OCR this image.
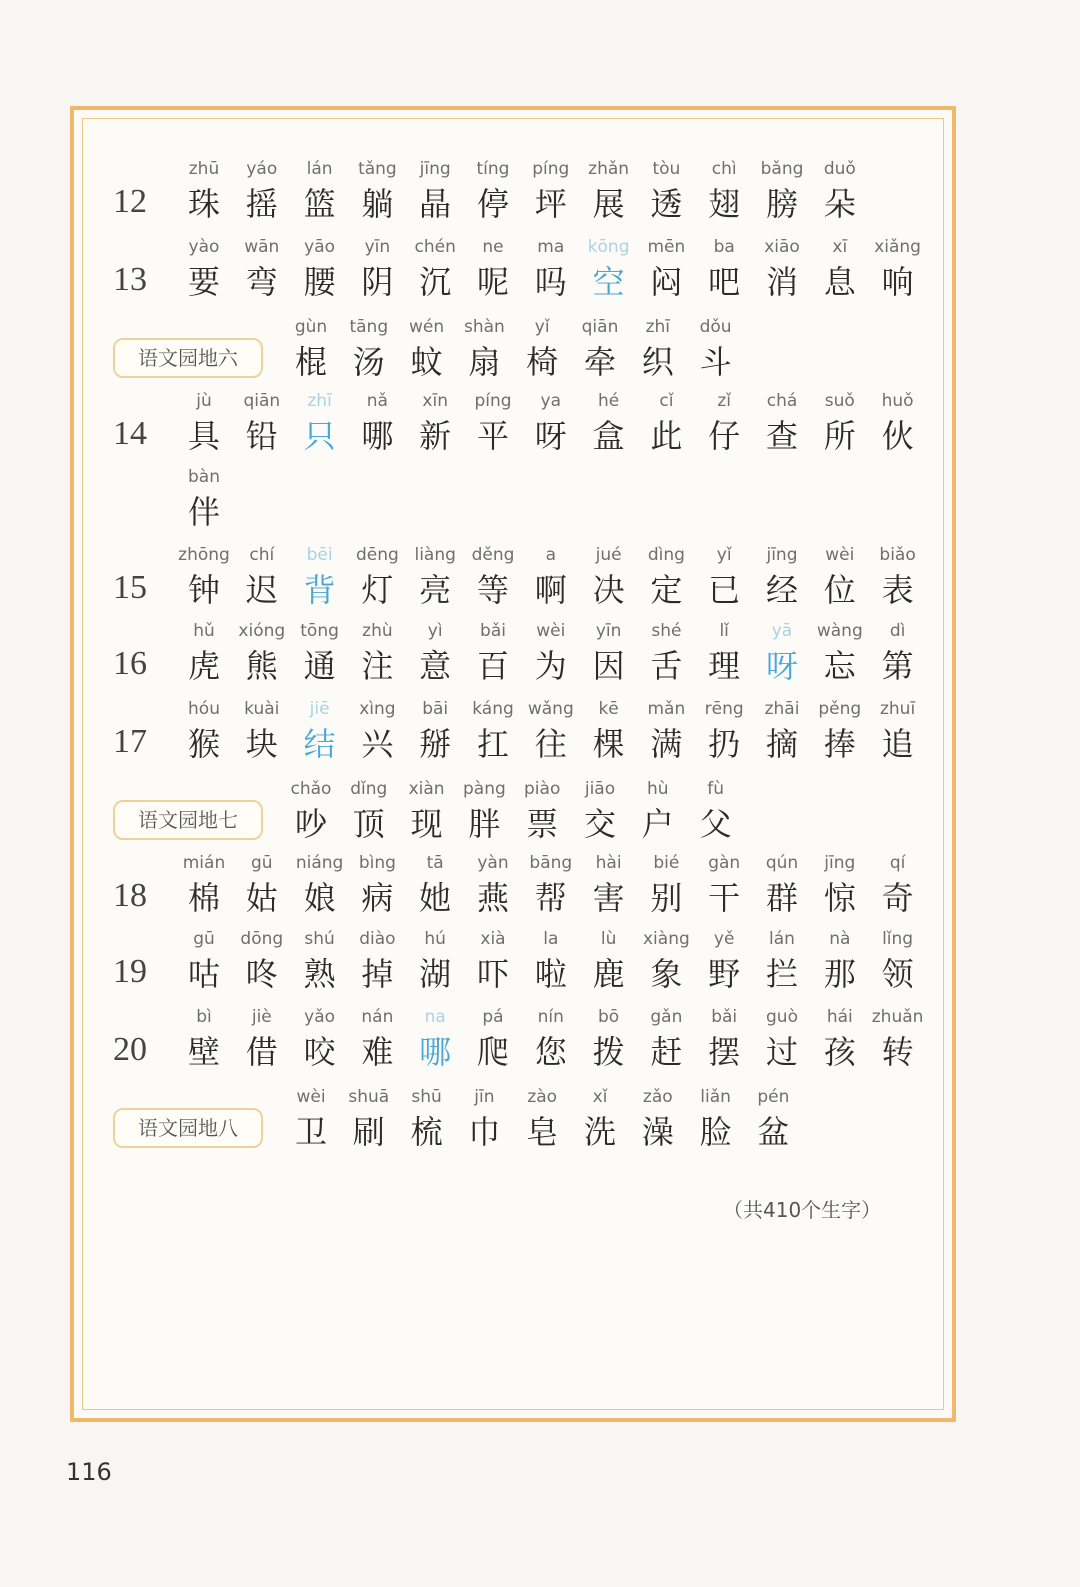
12
zhū
珠
yáo
摇
lán
篮
tǎng
躺
jīng
晶
tíng
停
píng
坪
zhǎn
展
tòu
透
chì
翅
bǎng
膀
duǒ
朵
13
yào
要
wān
弯
yāo
腰
yīn
阴
chén
沉
ne
呢
ma
吗
kōng
空
mēn
闷
ba
吧
xiāo
消
xī
息
xiǎng
响
语文园地六
gùn
棍
tāng
汤
wén
蚊
shàn
扇
yǐ
椅
qiān
牵
zhī
织
dǒu
斗
14
jù
具
qiān
铅
zhī
只
nǎ
哪
xīn
新
píng
平
ya
呀
hé
盒
cǐ
此
zǐ
仔
chá
查
suǒ
所
huǒ
伙
bàn
伴
15
zhōng
钟
chí
迟
bēi
背
dēng
灯
liàng
亮
děng
等
a
啊
jué
决
dìng
定
yǐ
已
jīng
经
wèi
位
biǎo
表
16
hǔ
虎
xióng
熊
tōng
通
zhù
注
yì
意
bǎi
百
wèi
为
yīn
因
shé
舌
lǐ
理
yā
呀
wàng
忘
dì
第
17
hóu
猴
kuài
块
jiē
结
xìng
兴
bāi
掰
káng
扛
wǎng
往
kē
棵
mǎn
满
rēng
扔
zhāi
摘
pěng
捧
zhuī
追
语文园地七
chǎo
吵
dǐng
顶
xiàn
现
pàng
胖
piào
票
jiāo
交
hù
户
fù
父
18
mián
棉
gū
姑
niáng
娘
bìng
病
tā
她
yàn
燕
bāng
帮
hài
害
bié
别
gàn
干
qún
群
jīng
惊
qí
奇
19
gū
咕
dōng
咚
shú
熟
diào
掉
hú
湖
xià
吓
la
啦
lù
鹿
xiàng
象
yě
野
lán
拦
nà
那
lǐng
领
20
bì
壁
jiè
借
yǎo
咬
nán
难
na
哪
pá
爬
nín
您
bō
拨
gǎn
赶
bǎi
摆
guò
过
hái
孩
zhuǎn
转
语文园地八
wèi
卫
shuā
刷
shū
梳
jīn
巾
zào
皂
xǐ
洗
zǎo
澡
liǎn
脸
pén
盆
（共410个生字）
116
